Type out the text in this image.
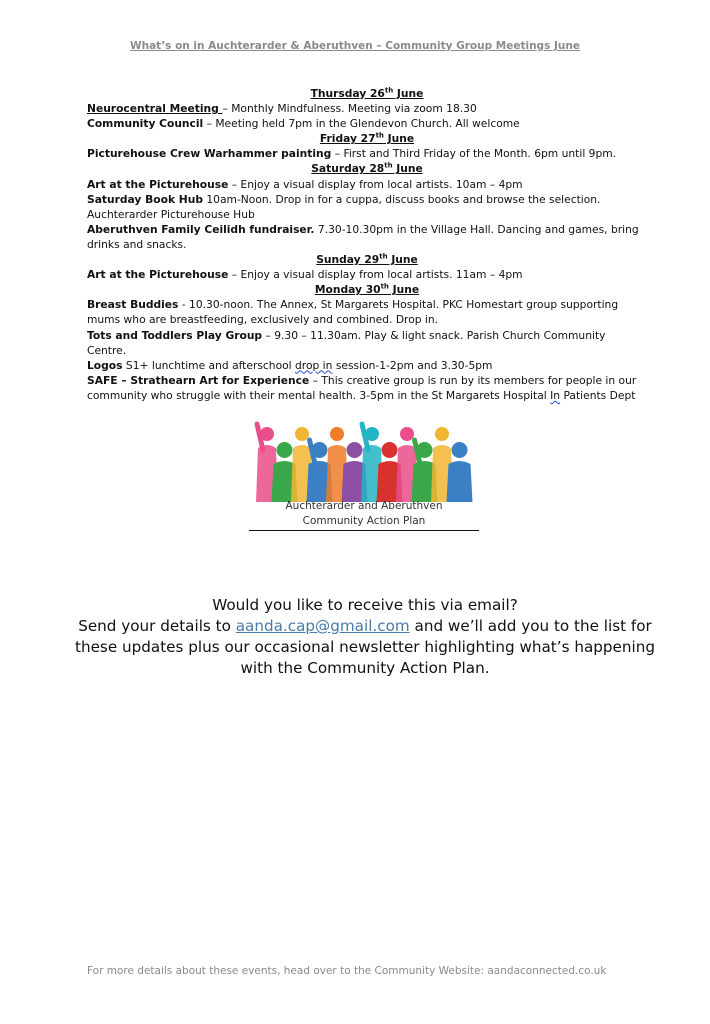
What’s on in Auchterarder & Aberuthven – Community Group Meetings June
Thursday 26th June
Neurocentral Meeting – Monthly Mindfulness. Meeting via zoom 18.30
Community Council – Meeting held 7pm in the Glendevon Church. All welcome
Friday 27th June
Picturehouse Crew Warhammer painting – First and Third Friday of the Month. 6pm until 9pm.
Saturday 28th June
Art at the Picturehouse – Enjoy a visual display from local artists. 10am – 4pm
Saturday Book Hub 10am-Noon. Drop in for a cuppa, discuss books and browse the selection. Auchterarder Picturehouse Hub
Aberuthven Family Ceilidh fundraiser. 7.30-10.30pm in the Village Hall. Dancing and games, bring drinks and snacks.
Sunday 29th June
Art at the Picturehouse – Enjoy a visual display from local artists. 11am – 4pm
Monday 30th June
Breast Buddies - 10.30-noon. The Annex, St Margarets Hospital. PKC Homestart group supporting mums who are breastfeeding, exclusively and combined. Drop in.
Tots and Toddlers Play Group – 9.30 – 11.30am. Play & light snack. Parish Church Community Centre.
Logos S1+ lunchtime and afterschool drop in session-1-2pm and 3.30-5pm
SAFE – Strathearn Art for Experience – This creative group is run by its members for people in our community who struggle with their mental health. 3-5pm in the St Margarets Hospital In Patients Dept
Auchterarder and Aberuthven
Community Action Plan
Would you like to receive this via email?
Send your details to aanda.cap@gmail.com and we’ll add you to the list for these updates plus our occasional newsletter highlighting what’s happening with the Community Action Plan.
For more details about these events, head over to the Community Website: aandaconnected.co.uk
